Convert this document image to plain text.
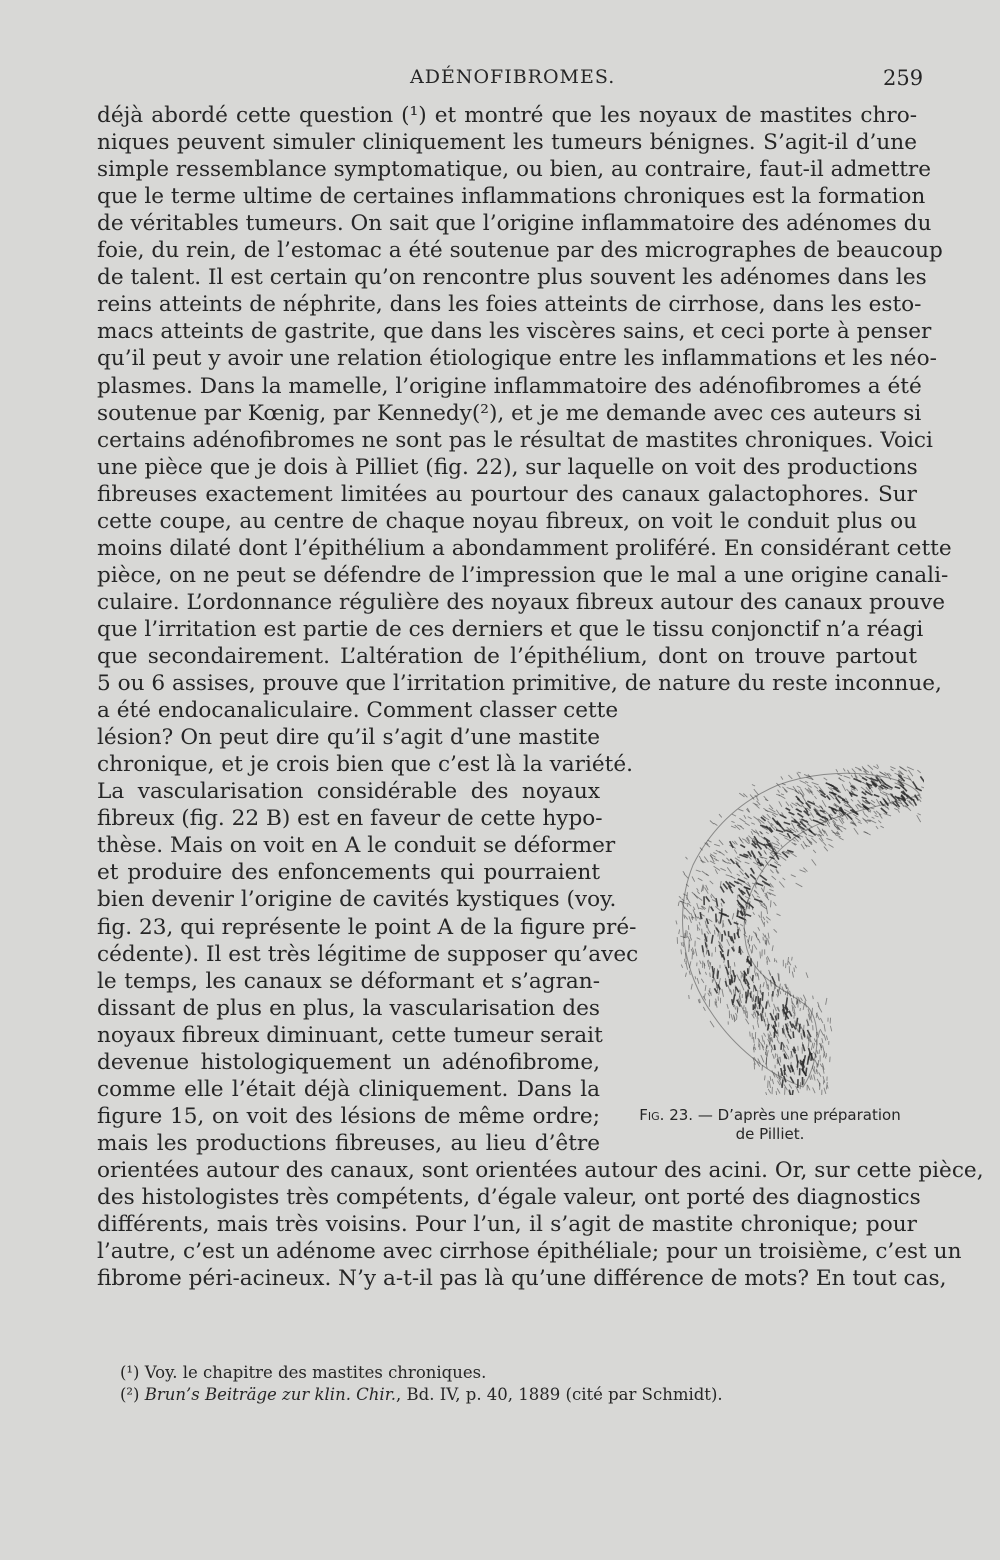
ADÉNOFIBROMES.	259
déjà abordé cette question (¹) et montré que les noyaux de mastites chro-
niques peuvent simuler cliniquement les tumeurs bénignes. S’agit-il d’une
simple ressemblance symptomatique, ou bien, au contraire, faut-il admettre
que le terme ultime de certaines inflammations chroniques est la formation
de véritables tumeurs. On sait que l’origine inflammatoire des adénomes du
foie, du rein, de l’estomac a été soutenue par des micrographes de beaucoup
de talent. Il est certain qu’on rencontre plus souvent les adénomes dans les
reins atteints de néphrite, dans les foies atteints de cirrhose, dans les esto-
macs atteints de gastrite, que dans les viscères sains, et ceci porte à penser
qu’il peut y avoir une relation étiologique entre les inflammations et les néo-
plasmes. Dans la mamelle, l’origine inflammatoire des adénofibromes a été
soutenue par Kœnig, par Kennedy(²), et je me demande avec ces auteurs si
certains adénofibromes ne sont pas le résultat de mastites chroniques. Voici
une pièce que je dois à Pilliet (fig. 22), sur laquelle on voit des productions
fibreuses exactement limitées au pourtour des canaux galactophores. Sur
cette coupe, au centre de chaque noyau fibreux, on voit le conduit plus ou
moins dilaté dont l’épithélium a abondamment proliféré. En considérant cette
pièce, on ne peut se défendre de l’impression que le mal a une origine canali-
culaire. L’ordonnance régulière des noyaux fibreux autour des canaux prouve
que l’irritation est partie de ces derniers et que le tissu conjonctif n’a réagi
que secondairement. L’altération de l’épithélium, dont on trouve partout
5 ou 6 assises, prouve que l’irritation primitive, de nature du reste inconnue,
a été endocanaliculaire. Comment classer cette
lésion? On peut dire qu’il s’agit d’une mastite
chronique, et je crois bien que c’est là la variété.
La vascularisation considérable des noyaux
fibreux (fig. 22 B) est en faveur de cette hypo-
thèse. Mais on voit en A le conduit se déformer
et produire des enfoncements qui pourraient
bien devenir l’origine de cavités kystiques (voy.
fig. 23, qui représente le point A de la figure pré-
cédente). Il est très légitime de supposer qu’avec
le temps, les canaux se déformant et s’agran-
dissant de plus en plus, la vascularisation des
noyaux fibreux diminuant, cette tumeur serait
devenue histologiquement un adénofibrome,
comme elle l’était déjà cliniquement. Dans la
figure 15, on voit des lésions de même ordre;
mais les productions fibreuses, au lieu d’être
orientées autour des canaux, sont orientées autour des acini. Or, sur cette pièce,
des histologistes très compétents, d’égale valeur, ont porté des diagnostics
différents, mais très voisins. Pour l’un, il s’agit de mastite chronique; pour
l’autre, c’est un adénome avec cirrhose épithéliale; pour un troisième, c’est un
fibrome péri-acineux. N’y a-t-il pas là qu’une différence de mots? En tout cas,
Fig. 23. — D’après une préparation
de Pilliet.
(¹) Voy. le chapitre des mastites chroniques.
(²) Brun’s Beiträge zur klin. Chir., Bd. IV, p. 40, 1889 (cité par Schmidt).
